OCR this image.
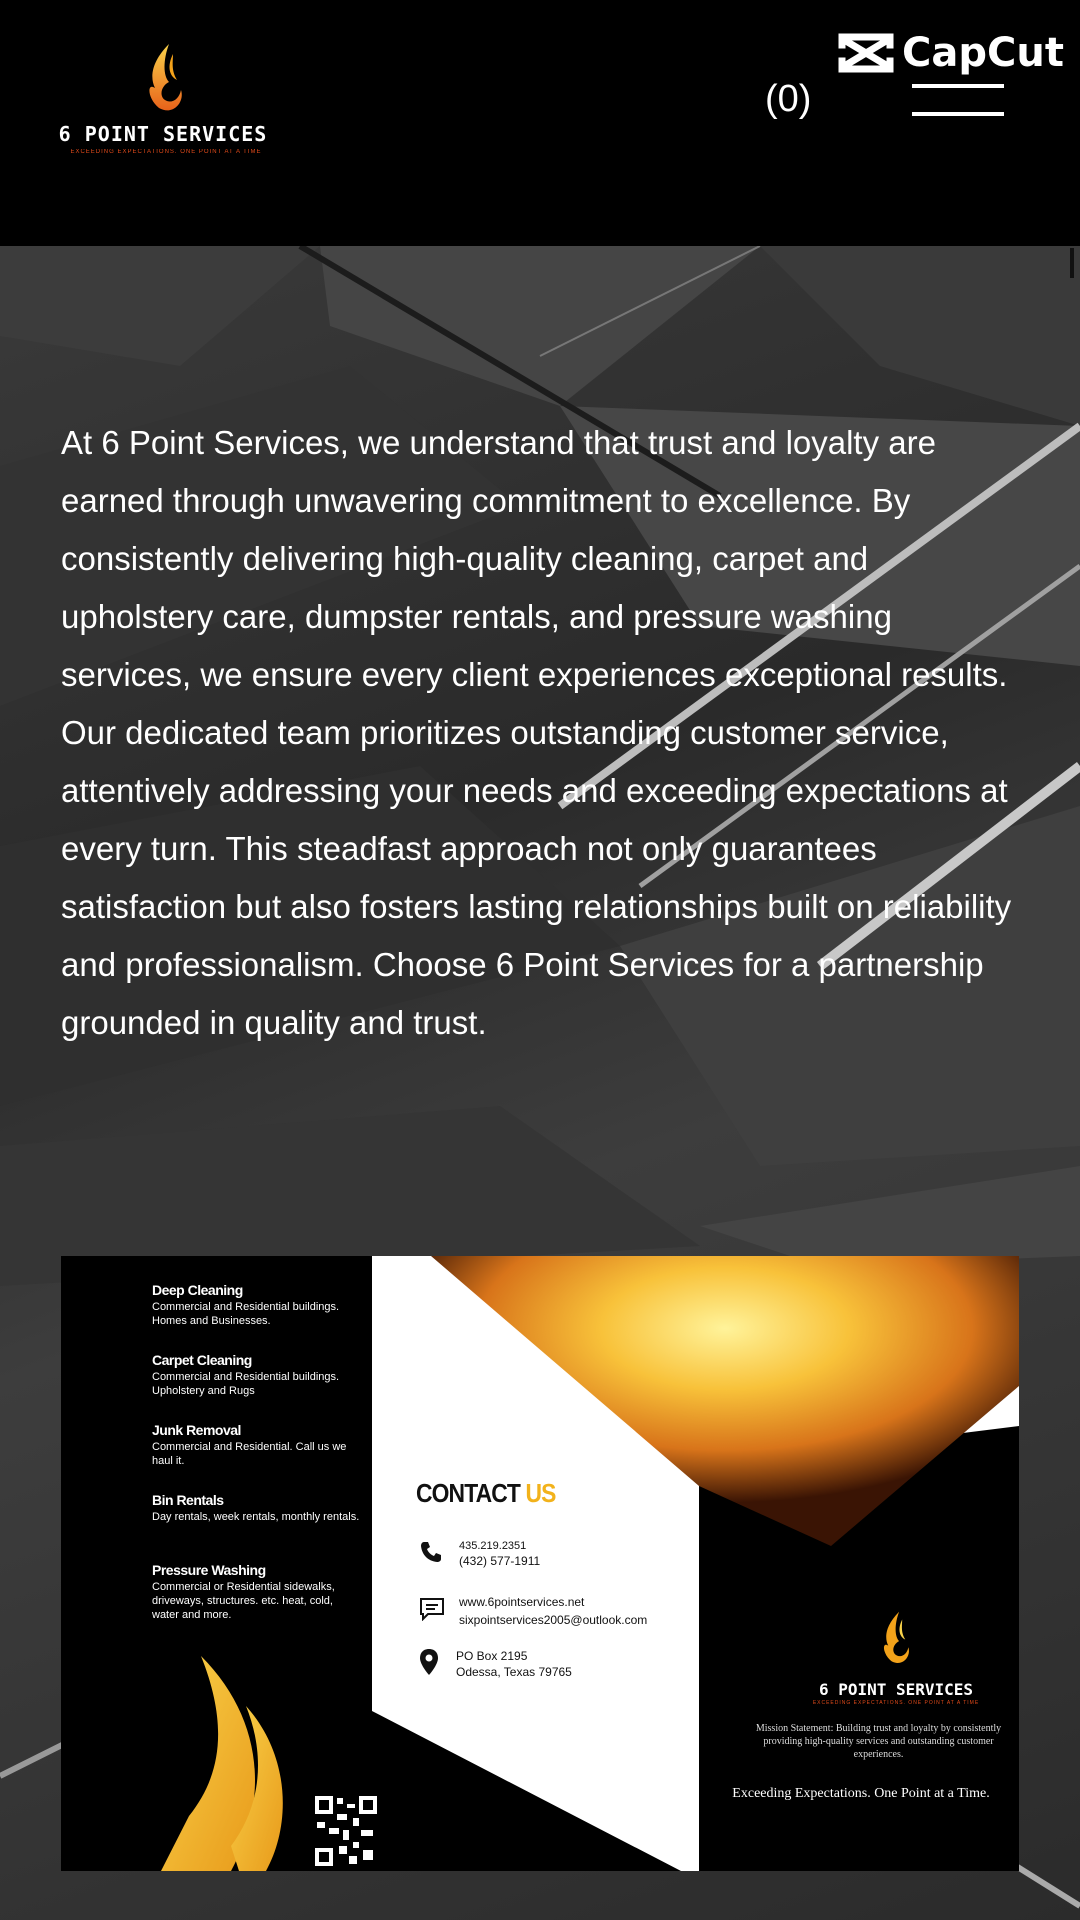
6 POINT SERVICES
EXCEEDING EXPECTATIONS. ONE POINT AT A TIME
(0)
CapCut
At 6 Point Services, we understand that trust and loyalty are earned through unwavering commitment to excellence. By consistently delivering high-quality cleaning, carpet and upholstery care, dumpster rentals, and pressure washing services, we ensure every client experiences exceptional results. Our dedicated team prioritizes outstanding customer service, attentively addressing your needs and exceeding expectations at every turn. This steadfast approach not only guarantees satisfaction but also fosters lasting relationships built on reliability and professionalism. Choose 6 Point Services for a partnership grounded in quality and trust.
Deep Cleaning
Commercial and Residential buildings. Homes and Businesses.
Carpet Cleaning
Commercial and Residential buildings. Upholstery and Rugs
Junk Removal
Commercial and Residential. Call us we haul it.
Bin Rentals
Day rentals, week rentals, monthly rentals.
Pressure Washing
Commercial or Residential sidewalks, driveways, structures. etc. heat, cold, water and more.
CONTACT US
435.219.2351
(432) 577-1911
www.6pointservices.net
sixpointservices2005@outlook.com
PO Box 2195
Odessa, Texas 79765
6 POINT SERVICES
EXCEEDING EXPECTATIONS. ONE POINT AT A TIME
Mission Statement: Building trust and loyalty by consistently providing high-quality services and outstanding customer experiences.
Exceeding Expectations. One Point at a Time.
